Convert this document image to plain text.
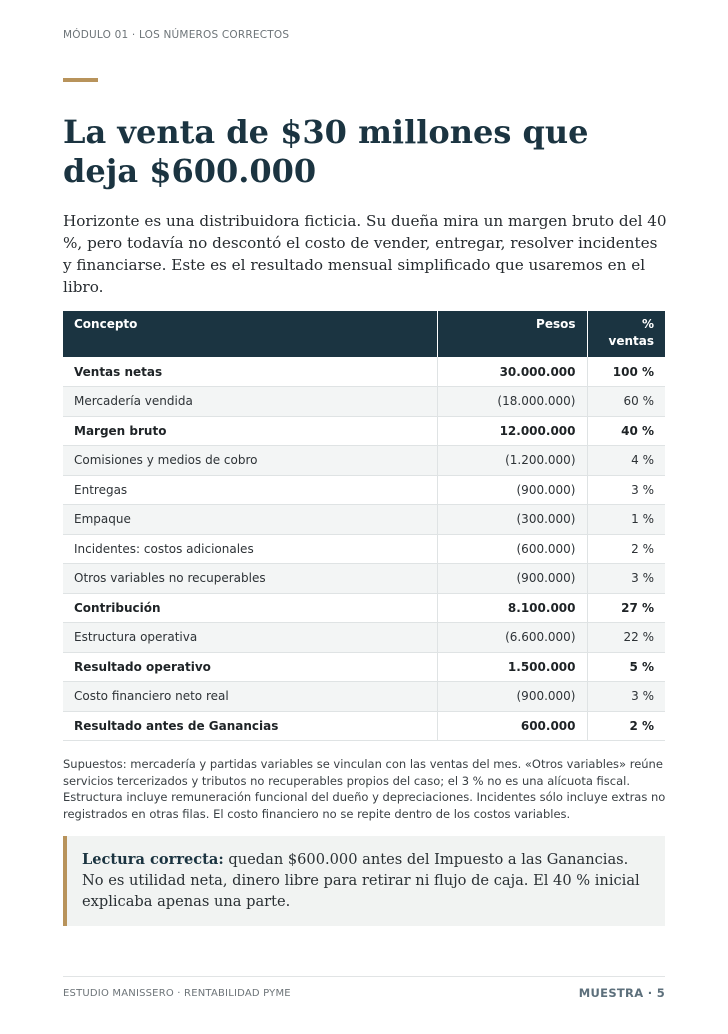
MÓDULO 01 · LOS NÚMEROS CORRECTOS
La venta de $30 millones que deja $600.000

Horizonte es una distribuidora ficticia. Su dueña mira un margen bruto del 40 %, pero todavía no descontó el costo de vender, entregar, resolver incidentes y financiarse. Este es el resultado mensual simplificado que usaremos en el libro.

Concepto	Pesos	% ventas
Ventas netas	30.000.000	100 %
Mercadería vendida	(18.000.000)	60 %
Margen bruto	12.000.000	40 %
Comisiones y medios de cobro	(1.200.000)	4 %
Entregas	(900.000)	3 %
Empaque	(300.000)	1 %
Incidentes: costos adicionales	(600.000)	2 %
Otros variables no recuperables	(900.000)	3 %
Contribución	8.100.000	27 %
Estructura operativa	(6.600.000)	22 %
Resultado operativo	1.500.000	5 %
Costo financiero neto real	(900.000)	3 %
Resultado antes de Ganancias	600.000	2 %

Supuestos: mercadería y partidas variables se vinculan con las ventas del mes. «Otros variables» reúne servicios tercerizados y tributos no recuperables propios del caso; el 3 % no es una alícuota fiscal. Estructura incluye remuneración funcional del dueño y depreciaciones. Incidentes sólo incluye extras no registrados en otras filas. El costo financiero no se repite dentro de los costos variables.

Lectura correcta: quedan $600.000 antes del Impuesto a las Ganancias. No es utilidad neta, dinero libre para retirar ni flujo de caja. El 40 % inicial explicaba apenas una parte.

ESTUDIO MANISSERO · RENTABILIDAD PYME	MUESTRA · 5
